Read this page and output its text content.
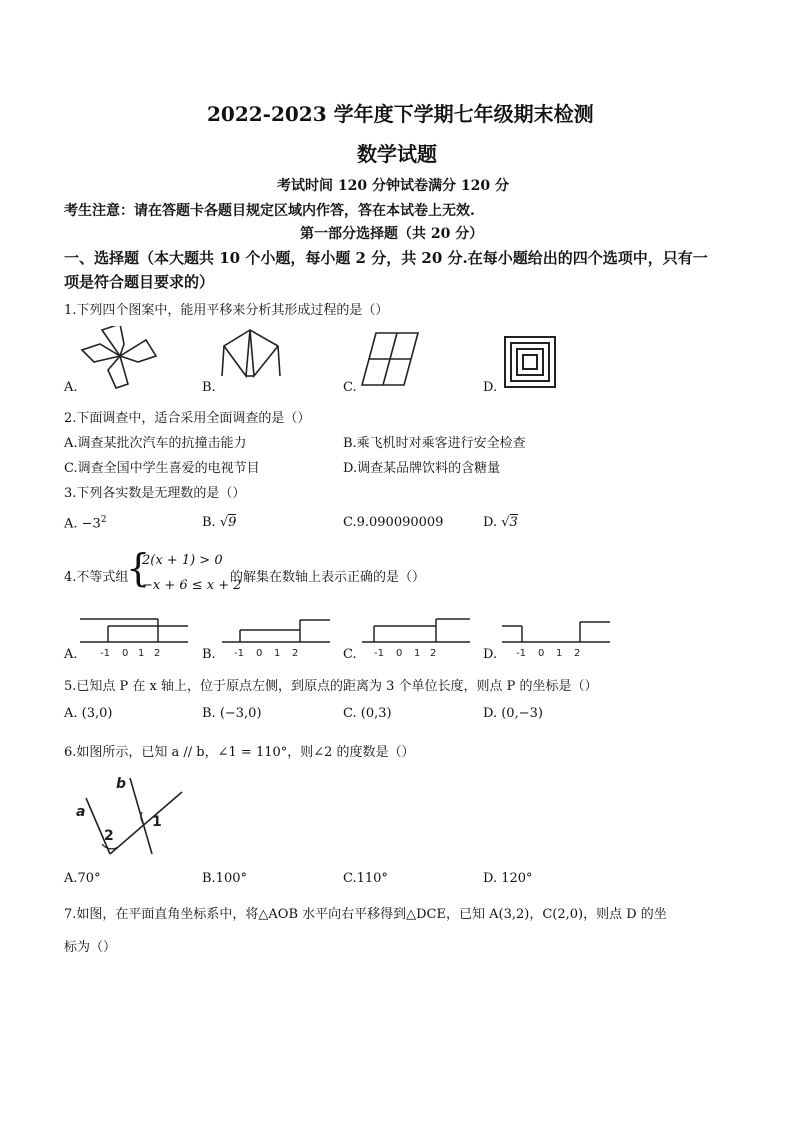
2022-2023 学年度下学期七年级期末检测
数学试题
考试时间 120 分钟试卷满分 120 分
考生注意：请在答题卡各题目规定区域内作答，答在本试卷上无效.
第一部分选择题（共 20 分）
一、选择题（本大题共 10 个小题，每小题 2 分，共 20 分.在每小题给出的四个选项中，只有一
项是符合题目要求的）
1.下列四个图案中，能用平移来分析其形成过程的是（）
A.	B.	C.	D.
2.下面调查中，适合采用全面调查的是（）
A.调查某批次汽车的抗撞击能力	B.乘飞机时对乘客进行安全检查
C.调查全国中学生喜爱的电视节目	D.调查某品牌饮料的含糖量
3.下列各实数是无理数的是（）
A. $-3^2$	B. √9	C.9.090090009	D. √3
4.不等式组
{
2(x + 1) > 0
−x + 6 ≤ x + 2
的解集在数轴上表示正确的是（）
-1 0 1 2
A.	-1 0 1 2
B.	-1 0 1 2
C.	-1 0 1 2
D.
5.已知点 P 在 x 轴上，位于原点左侧，到原点的距离为 3 个单位长度，则点 P 的坐标是（）
A. (3,0)	B. (−3,0)	C. (0,3)	D. (0,−3)
6.如图所示，已知 a // b，∠1 = 110°，则∠2 的度数是（）
a
b
1
2
A.70°	B.100°	C.110°	D. 120°
7.如图，在平面直角坐标系中，将△AOB 水平向右平移得到△DCE，已知 A(3,2)，C(2,0)，则点 D 的坐
标为（）
